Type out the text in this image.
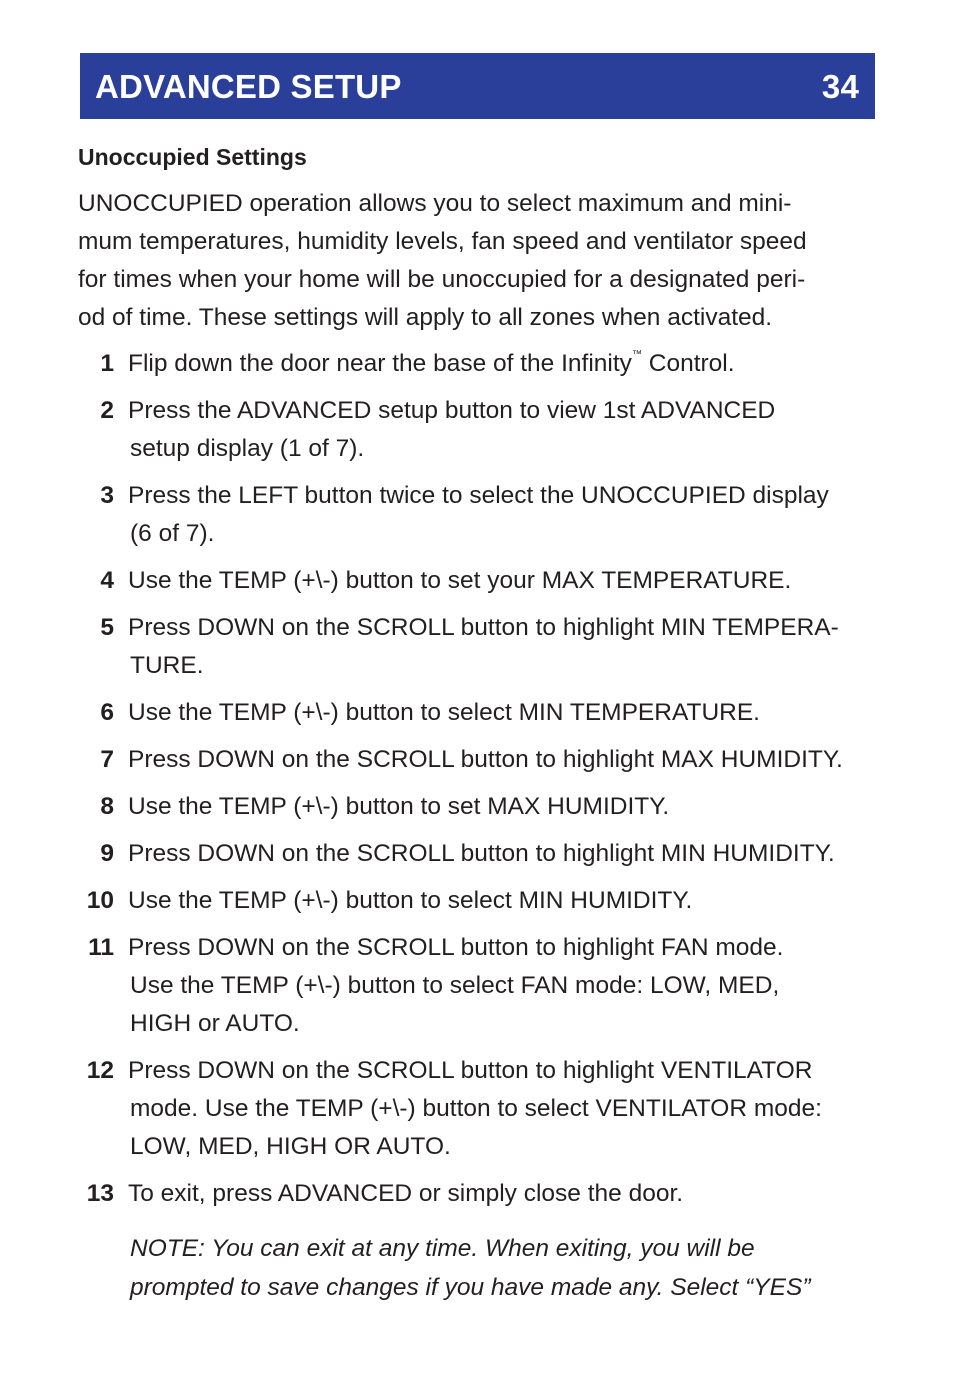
ADVANCED SETUP	34
Unoccupied Settings

UNOCCUPIED operation allows you to select maximum and mini-
mum temperatures, humidity levels, fan speed and ventilator speed
for times when your home will be unoccupied for a designated peri-
od of time. These settings will apply to all zones when activated.

1 Flip down the door near the base of the Infinity™ Control.
2 Press the ADVANCED setup button to view 1st ADVANCED
setup display (1 of 7).
3 Press the LEFT button twice to select the UNOCCUPIED display
(6 of 7).
4 Use the TEMP (+\-) button to set your MAX TEMPERATURE.
5 Press DOWN on the SCROLL button to highlight MIN TEMPERA-
TURE.
6 Use the TEMP (+\-) button to select MIN TEMPERATURE.
7 Press DOWN on the SCROLL button to highlight MAX HUMIDITY.
8 Use the TEMP (+\-) button to set MAX HUMIDITY.
9 Press DOWN on the SCROLL button to highlight MIN HUMIDITY.
10 Use the TEMP (+\-) button to select MIN HUMIDITY.
11 Press DOWN on the SCROLL button to highlight FAN mode.
Use the TEMP (+\-) button to select FAN mode: LOW, MED,
HIGH or AUTO.
12 Press DOWN on the SCROLL button to highlight VENTILATOR
mode. Use the TEMP (+\-) button to select VENTILATOR mode:
LOW, MED, HIGH OR AUTO.
13 To exit, press ADVANCED or simply close the door.

NOTE: You can exit at any time. When exiting, you will be
prompted to save changes if you have made any. Select “YES”
